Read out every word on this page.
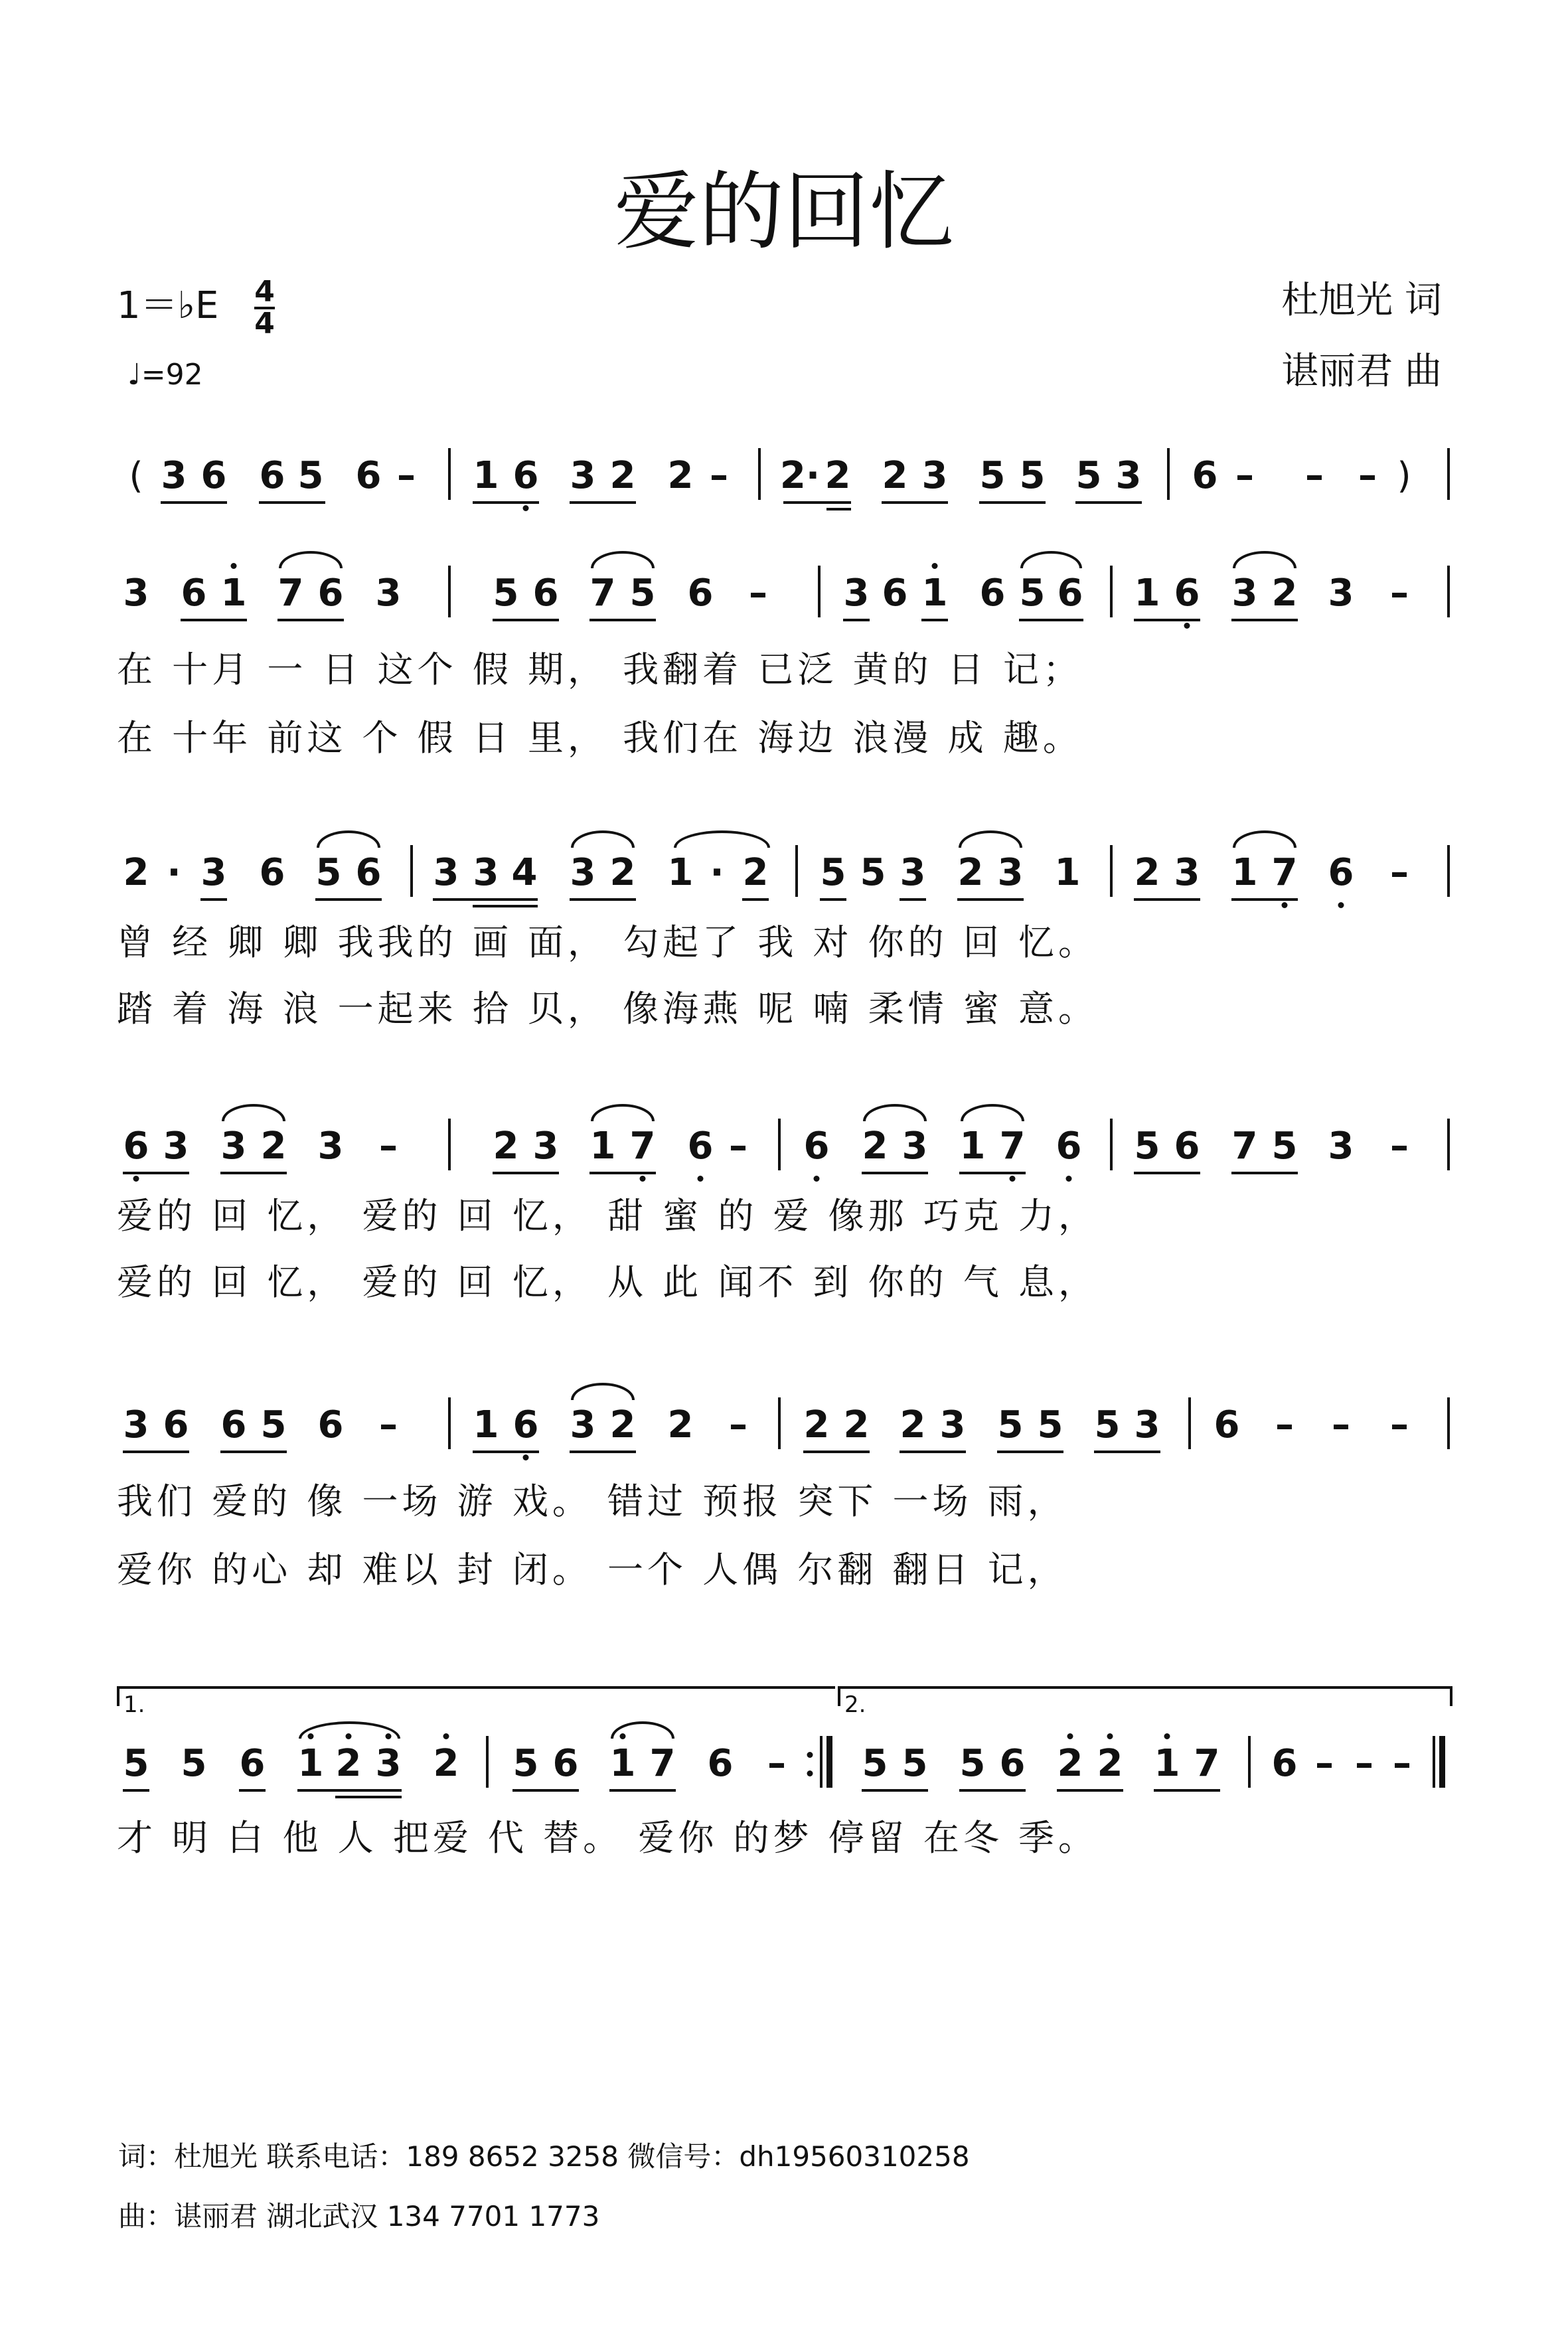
爱的回忆
1＝♭E $\frac{4}{4}$
♩=92
杜旭光 词
谌丽君 曲
( 3 6 6 5 6 – 1 6 3 2 2 – 2· 2 2 3 5 5 5 3 6 – – – )
3 6 1 7 6 3 5 6 7 5 6 – 3 6 1 6 5 6 1 6 3 2 3 –
在 十月 一 日 这个 假 期， 我翻着 已泛 黄的 日 记；
在 十年 前这 个 假 日 里， 我们在 海边 浪漫 成 趣。
2 · 3 6 5 6 3 3 4 3 2 1 · 2 5 5 3 2 3 1 2 3 1 7 6 –
曾 经 卿 卿 我我的 画 面， 勾起了 我 对 你的 回 忆。
踏 着 海 浪 一起来 拾 贝， 像海燕 呢 喃 柔情 蜜 意。
6 3 3 2 3 –	2 3 1 7 6 – 6 2 3 1 7 6 5 6 7 5 3 –
爱的 回 忆， 爱的 回 忆， 甜 蜜 的 爱 像那 巧克 力，
爱的 回 忆， 爱的 回 忆， 从 此 闻不 到 你的 气 息，
3 6 6 5 6 – 1 6 3 2 2 – 2 2 2 3 5 5 5 3 6 – – –
我们 爱的 像 一场 游 戏。 错过 预报 突下 一场 雨，
爱你 的心 却 难以 封 闭。 一个 人偶 尔翻 翻日 记，
1.	2.
5 5 6 1 2 3 2 5 6 1 7 6 – 5 5 5 6 2 2 1 7 6 – – –
才 明 白 他 人 把爱 代 替。 爱你 的梦 停留 在冬 季。
词：杜旭光 联系电话：189 8652 3258 微信号：dh19560310258
曲：谌丽君 湖北武汉 134 7701 1773
